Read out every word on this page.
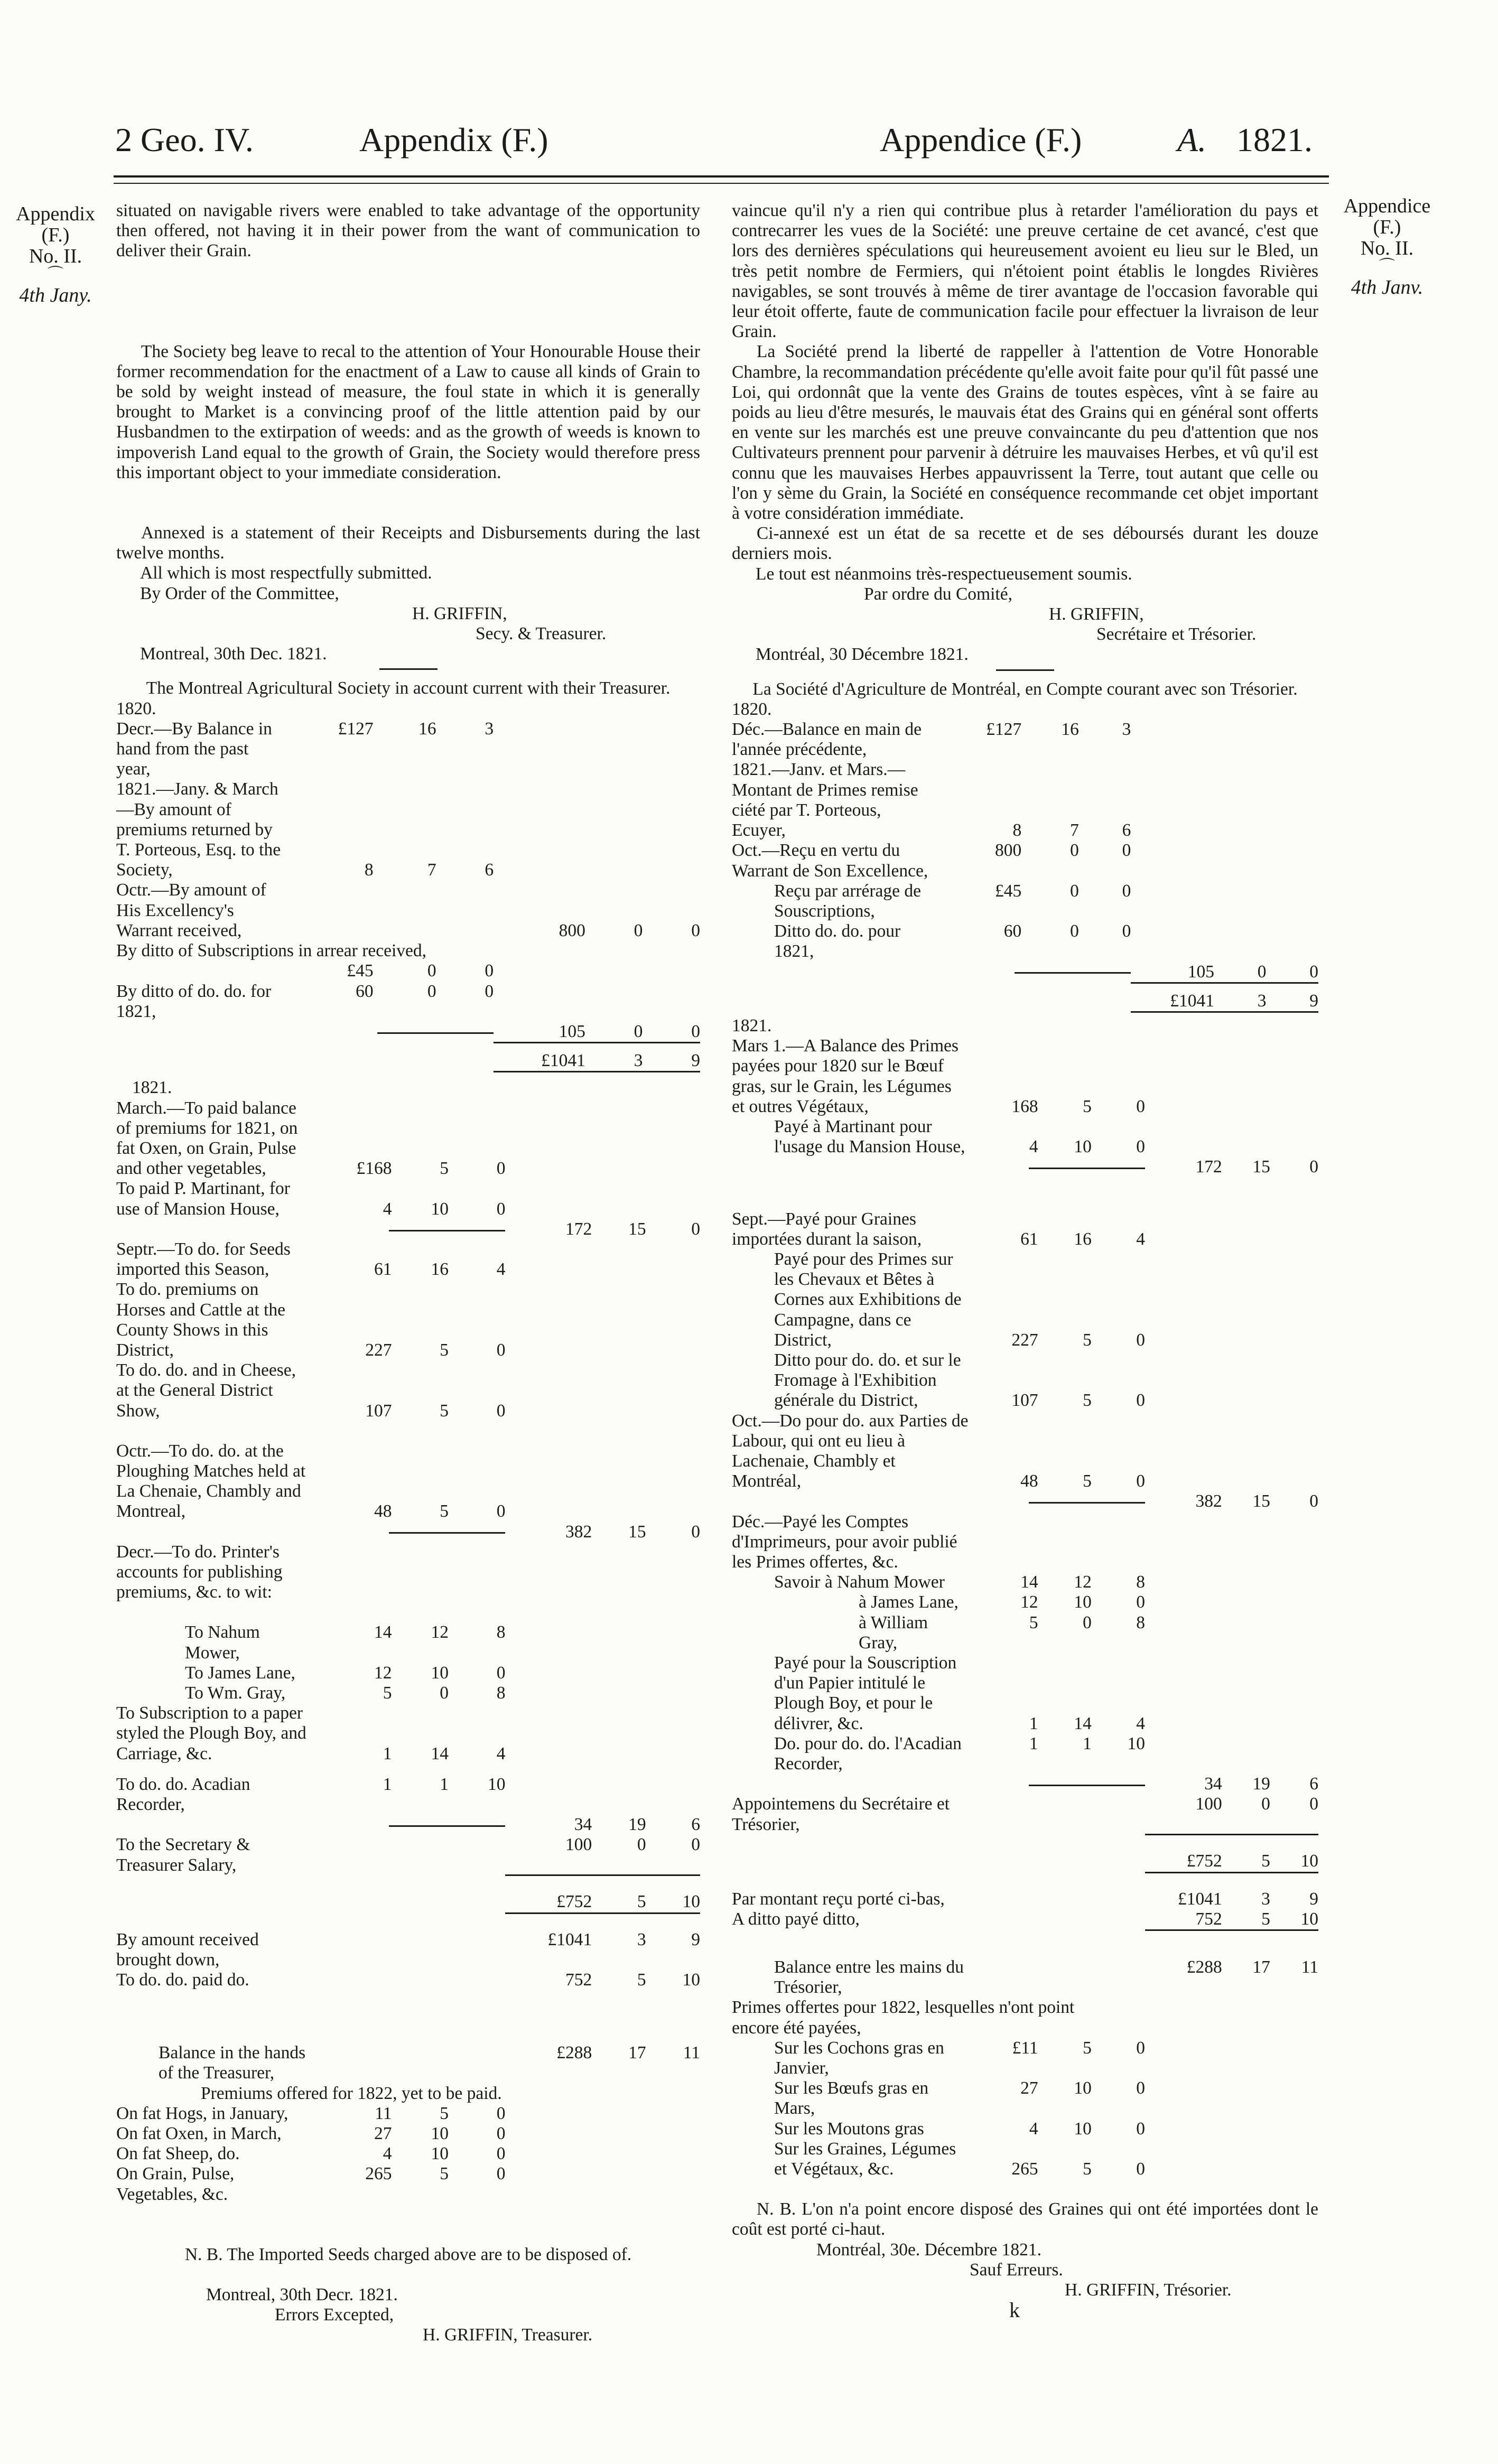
2 Geo. IV.	Appendix (F.)	Appendice (F.)	A. 1821.
Appendix
(F.)
No. II.
⌒
4th Jany.
Appendice
(F.)
No. II.
⌒
4th Janv.

situated on navigable rivers were enabled to take advantage of the opportunity then offered, not having it in their power from the want of communication to deliver their Grain.

The Society beg leave to recal to the attention of Your Honourable House their former recommendation for the enactment of a Law to cause all kinds of Grain to be sold by weight instead of measure, the foul state in which it is generally brought to Market is a convincing proof of the little attention paid by our Husbandmen to the extirpation of weeds: and as the growth of weeds is known to impoverish Land equal to the growth of Grain, the Society would therefore press this important object to your immediate consideration.

Annexed is a statement of their Receipts and Disbursements during the last twelve months.

All which is most respectfully submitted.

By Order of the Committee,

H. GRIFFIN,

Secy. & Treasurer.

Montreal, 30th Dec. 1821.

The Montreal Agricultural Society in account current with their Treasurer.

1820.						
Decr.—By Balance in hand from the past year,	£127	16	3			
1821.—Jany. & March—By amount of premiums returned by T. Porteous, Esq. to the Society,	8	7	6			
Octr.—By amount of His Excellency's Warrant received,				800	0	0
By ditto of Subscriptions in arrear received,						
	£45	0	0			
By ditto of do. do. for 1821,	60	0	0			
				105	0	0

				£1041	3	9

1821.						
March.—To paid balance of premiums for 1821, on fat Oxen, on Grain, Pulse and other vegetables,	£168	5	0			
To paid P. Martinant, for use of Mansion House,	4	10	0			
				172	15	0
Septr.—To do. for Seeds imported this Season,	61	16	4			
To do. premiums on Horses and Cattle at the County Shows in this District,	227	5	0			
To do. do. and in Cheese, at the General District Show,	107	5	0			

Octr.—To do. do. at the Ploughing Matches held at La Chenaie, Chambly and Montreal,	48	5	0			
				382	15	0
Decr.—To do. Printer's accounts for publishing premiums, &c. to wit:						

To Nahum Mower,	14	12	8			
To James Lane,	12	10	0			
To Wm. Gray,	5	0	8			
To Subscription to a paper styled the Plough Boy, and Carriage, &c.	1	14	4			

To do. do. Acadian Recorder,	1	1	10			
				34	19	6
To the Secretary & Treasurer Salary,				100	0	0

				£752	5	10

By amount received brought down,				£1041	3	9
To do. do. paid do.				752	5	10

Balance in the hands of the Treasurer,				£288	17	11
Premiums offered for 1822, yet to be paid.						
On fat Hogs, in January,	11	5	0			
On fat Oxen, in March,	27	10	0			
On fat Sheep, do.	4	10	0			
On Grain, Pulse, Vegetables, &c.	265	5	0			

N. B. The Imported Seeds charged above are to be disposed of.

Montreal, 30th Decr. 1821.

Errors Excepted,

H. GRIFFIN, Treasurer.

vaincue qu'il n'y a rien qui contribue plus à retarder l'amélioration du pays et contrecarrer les vues de la Société: une preuve certaine de cet avancé, c'est que lors des dernières spéculations qui heureusement avoient eu lieu sur le Bled, un très petit nombre de Fermiers, qui n'étoient point établis le longdes Rivières navigables, se sont trouvés à même de tirer avantage de l'occasion favorable qui leur étoit offerte, faute de communication facile pour effectuer la livraison de leur Grain.

La Société prend la liberté de rappeller à l'attention de Votre Honorable Chambre, la recommandation précédente qu'elle avoit faite pour qu'il fût passé une Loi, qui ordonnât que la vente des Grains de toutes espèces, vînt à se faire au poids au lieu d'être mesurés, le mauvais état des Grains qui en général sont offerts en vente sur les marchés est une preuve convaincante du peu d'attention que nos Cultivateurs prennent pour parvenir à détruire les mauvaises Herbes, et vû qu'il est connu que les mauvaises Herbes appauvrissent la Terre, tout autant que celle ou l'on y sème du Grain, la Société en conséquence recommande cet objet important à votre considération immédiate.

Ci-annexé est un état de sa recette et de ses déboursés durant les douze derniers mois.

Le tout est néanmoins très-respectueusement soumis.

Par ordre du Comité,

H. GRIFFIN,

Secrétaire et Trésorier.

Montréal, 30 Décembre 1821.

La Société d'Agriculture de Montréal, en Compte courant avec son Trésorier.

1820.						
Déc.—Balance en main de l'année précédente,	£127	16	3			
1821.—Janv. et Mars.—Montant de Primes remise ciété par T. Porteous, Ecuyer,	8	7	6			
Oct.—Reçu en vertu du Warrant de Son Excellence,	800	0	0			
Reçu par arrérage de Souscriptions,	£45	0	0			
Ditto do. do. pour 1821,	60	0	0			
				105	0	0

				£1041	3	9

1821.						
Mars 1.—A Balance des Primes payées pour 1820 sur le Bœuf gras, sur le Grain, les Légumes et outres Végétaux,	168	5	0			
Payé à Martinant pour l'usage du Mansion House,	4	10	0			
				172	15	0

Sept.—Payé pour Graines importées durant la saison,	61	16	4			
Payé pour des Primes sur les Chevaux et Bêtes à Cornes aux Exhibitions de Campagne, dans ce District,	227	5	0			
Ditto pour do. do. et sur le Fromage à l'Exhibition générale du District,	107	5	0			
Oct.—Do pour do. aux Parties de Labour, qui ont eu lieu à Lachenaie, Chambly et Montréal,	48	5	0			
				382	15	0
Déc.—Payé les Comptes d'Imprimeurs, pour avoir publié les Primes offertes, &c.						
Savoir à Nahum Mower	14	12	8			
à James Lane,	12	10	0			
à William Gray,	5	0	8			
Payé pour la Souscription d'un Papier intitulé le Plough Boy, et pour le délivrer, &c.	1	14	4			
Do. pour do. do. l'Acadian Recorder,	1	1	10			
				34	19	6
Appointemens du Secrétaire et Trésorier,				100	0	0

				£752	5	10

Par montant reçu porté ci-bas,				£1041	3	9
A ditto payé ditto,				752	5	10

Balance entre les mains du Trésorier,				£288	17	11
Primes offertes pour 1822, lesquelles n'ont point encore été payées,						
Sur les Cochons gras en Janvier,	£11	5	0			
Sur les Bœufs gras en Mars,	27	10	0			
Sur les Moutons gras	4	10	0			
Sur les Graines, Légumes et Végétaux, &c.	265	5	0			

N. B. L'on n'a point encore disposé des Graines qui ont été importées dont le coût est porté ci-haut.

Montréal, 30e. Décembre 1821.

Sauf Erreurs.

H. GRIFFIN, Trésorier.

k
